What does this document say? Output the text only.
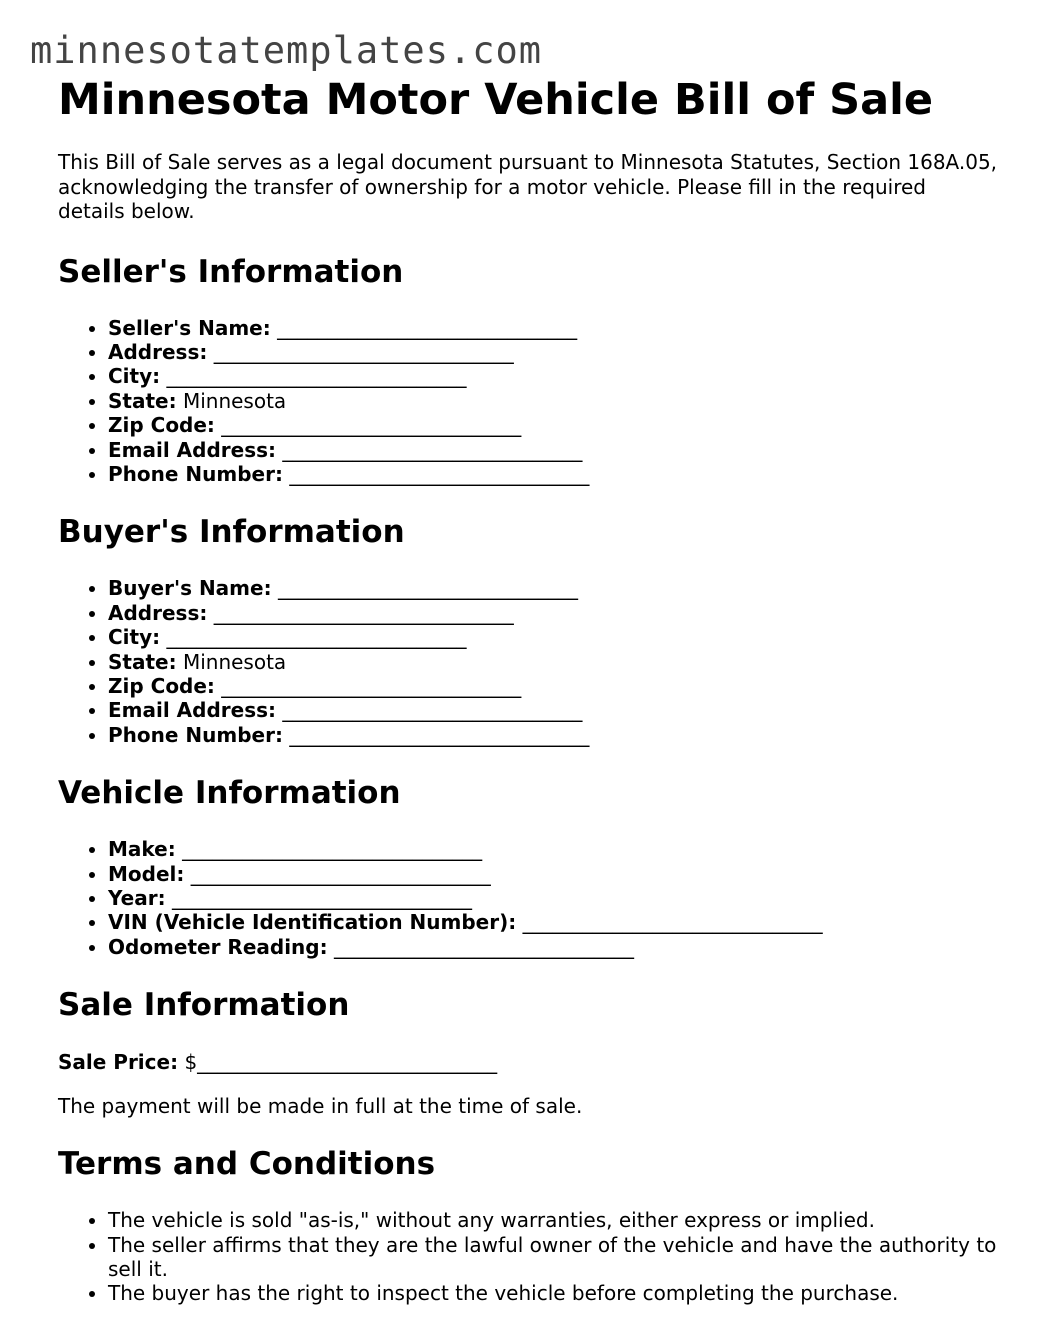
minnesotatemplates.com
Minnesota Motor Vehicle Bill of Sale

This Bill of Sale serves as a legal document pursuant to Minnesota Statutes, Section 168A.05, acknowledging the transfer of ownership for a motor vehicle. Please fill in the required details below.

Seller's Information
• Seller's Name: ______________________________
• Address: ______________________________
• City: ______________________________
• State: Minnesota
• Zip Code: ______________________________
• Email Address: ______________________________
• Phone Number: ______________________________
Buyer's Information
• Buyer's Name: ______________________________
• Address: ______________________________
• City: ______________________________
• State: Minnesota
• Zip Code: ______________________________
• Email Address: ______________________________
• Phone Number: ______________________________
Vehicle Information
• Make: ______________________________
• Model: ______________________________
• Year: ______________________________
• VIN (Vehicle Identification Number): ______________________________
• Odometer Reading: ______________________________
Sale Information

Sale Price: $______________________________

The payment will be made in full at the time of sale.

Terms and Conditions
• The vehicle is sold "as-is," without any warranties, either express or implied.
• The seller affirms that they are the lawful owner of the vehicle and have the authority to sell it.
• The buyer has the right to inspect the vehicle before completing the purchase.
